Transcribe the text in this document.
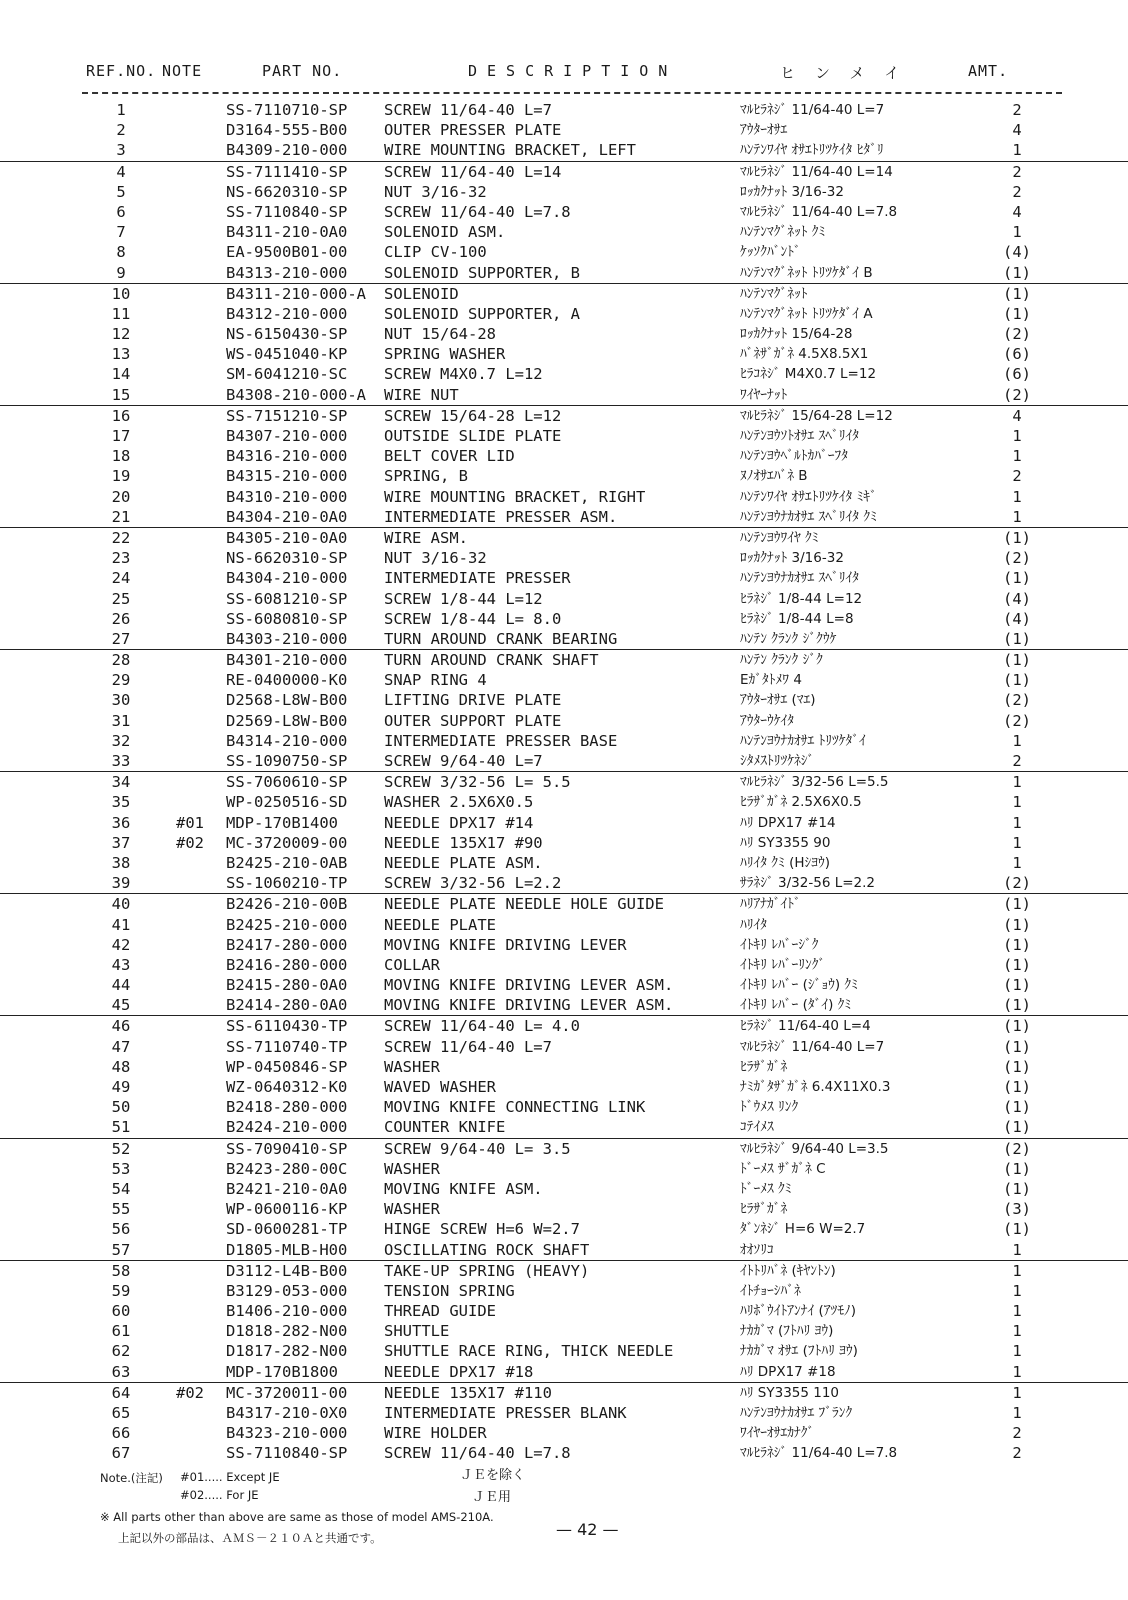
REF.NO. NOTE	PART NO.	DESCRIPTION	ヒンメイ	AMT.
1	SS-7110710-SP SCREW 11/64-40 L=7	ﾏﾙﾋﾗﾈｼﾞ 11/64-40 L=7	2
2	D3164-555-B00 OUTER PRESSER PLATE	ｱｳﾀｰｵｻｴ	4
3	B4309-210-000 WIRE MOUNTING BRACKET, LEFT	ﾊﾝﾃﾝﾜｲﾔ ｵｻｴﾄﾘﾂｹｲﾀ ﾋﾀﾞﾘ	1
4	SS-7111410-SP SCREW 11/64-40 L=14	ﾏﾙﾋﾗﾈｼﾞ 11/64-40 L=14	2
5	NS-6620310-SP NUT 3/16-32	ﾛｯｶｸﾅｯﾄ 3/16-32	2
6	SS-7110840-SP SCREW 11/64-40 L=7.8	ﾏﾙﾋﾗﾈｼﾞ 11/64-40 L=7.8	4
7	B4311-210-0A0 SOLENOID ASM.	ﾊﾝﾃﾝﾏｸﾞﾈｯﾄ ｸﾐ	1
8	EA-9500B01-00 CLIP CV-100	ｹｯｿｸﾊﾞﾝﾄﾞ	(4)
9	B4313-210-000 SOLENOID SUPPORTER, B	ﾊﾝﾃﾝﾏｸﾞﾈｯﾄ ﾄﾘﾂｹﾀﾞｲ B	(1)
10	B4311-210-000-A SOLENOID	ﾊﾝﾃﾝﾏｸﾞﾈｯﾄ	(1)
11	B4312-210-000 SOLENOID SUPPORTER, A	ﾊﾝﾃﾝﾏｸﾞﾈｯﾄ ﾄﾘﾂｹﾀﾞｲ A	(1)
12	NS-6150430-SP NUT 15/64-28	ﾛｯｶｸﾅｯﾄ 15/64-28	(2)
13	WS-0451040-KP SPRING WASHER	ﾊﾞﾈｻﾞｶﾞﾈ 4.5X8.5X1	(6)
14	SM-6041210-SC SCREW M4X0.7 L=12	ﾋﾗｺﾈｼﾞ M4X0.7 L=12	(6)
15	B4308-210-000-A WIRE NUT	ﾜｲﾔｰﾅｯﾄ	(2)
16	SS-7151210-SP SCREW 15/64-28 L=12	ﾏﾙﾋﾗﾈｼﾞ 15/64-28 L=12	4
17	B4307-210-000 OUTSIDE SLIDE PLATE	ﾊﾝﾃﾝﾖｳｿﾄｵｻｴ ｽﾍﾞﾘｲﾀ	1
18	B4316-210-000 BELT COVER LID	ﾊﾝﾃﾝﾖｳﾍﾞﾙﾄｶﾊﾞｰﾌﾀ	1
19	B4315-210-000 SPRING, B	ﾇﾉｵｻｴﾊﾞﾈ B	2
20	B4310-210-000 WIRE MOUNTING BRACKET, RIGHT	ﾊﾝﾃﾝﾜｲﾔ ｵｻｴﾄﾘﾂｹｲﾀ ﾐｷﾞ	1
21	B4304-210-0A0 INTERMEDIATE PRESSER ASM.	ﾊﾝﾃﾝﾖｳﾅｶｵｻｴ ｽﾍﾞﾘｲﾀ ｸﾐ	1
22	B4305-210-0A0 WIRE ASM.	ﾊﾝﾃﾝﾖｳﾜｲﾔ ｸﾐ	(1)
23	NS-6620310-SP NUT 3/16-32	ﾛｯｶｸﾅｯﾄ 3/16-32	(2)
24	B4304-210-000 INTERMEDIATE PRESSER	ﾊﾝﾃﾝﾖｳﾅｶｵｻｴ ｽﾍﾞﾘｲﾀ	(1)
25	SS-6081210-SP SCREW 1/8-44 L=12	ﾋﾗﾈｼﾞ 1/8-44 L=12	(4)
26	SS-6080810-SP SCREW 1/8-44 L= 8.0	ﾋﾗﾈｼﾞ 1/8-44 L=8	(4)
27	B4303-210-000 TURN AROUND CRANK BEARING	ﾊﾝﾃﾝ ｸﾗﾝｸ ｼﾞｸｳｹ	(1)
28	B4301-210-000 TURN AROUND CRANK SHAFT	ﾊﾝﾃﾝ ｸﾗﾝｸ ｼﾞｸ	(1)
29	RE-0400000-K0 SNAP RING 4	Eｶﾞﾀﾄﾒﾜ 4	(1)
30	D2568-L8W-B00 LIFTING DRIVE PLATE	ｱｳﾀｰｵｻｴ (ﾏｴ)	(2)
31	D2569-L8W-B00 OUTER SUPPORT PLATE	ｱｳﾀｰｳｹｲﾀ	(2)
32	B4314-210-000 INTERMEDIATE PRESSER BASE	ﾊﾝﾃﾝﾖｳﾅｶｵｻｴ ﾄﾘﾂｹﾀﾞｲ	1
33	SS-1090750-SP SCREW 9/64-40 L=7	ｼﾀﾒｽﾄﾘﾂｹﾈｼﾞ	2
34	SS-7060610-SP SCREW 3/32-56 L= 5.5	ﾏﾙﾋﾗﾈｼﾞ 3/32-56 L=5.5	1
35	WP-0250516-SD WASHER 2.5X6X0.5	ﾋﾗｻﾞｶﾞﾈ 2.5X6X0.5	1
36	#01 MDP-170B1400	NEEDLE DPX17 #14	ﾊﾘ DPX17 #14	1
37	#02 MC-3720009-00 NEEDLE 135X17 #90	ﾊﾘ SY3355 90	1
38	B2425-210-0AB NEEDLE PLATE ASM.	ﾊﾘｲﾀ ｸﾐ (Hｼﾖｳ)	1
39	SS-1060210-TP SCREW 3/32-56 L=2.2	ｻﾗﾈｼﾞ 3/32-56 L=2.2	(2)
40	B2426-210-00B NEEDLE PLATE NEEDLE HOLE GUIDE	ﾊﾘｱﾅｶﾞｲﾄﾞ	(1)
41	B2425-210-000 NEEDLE PLATE	ﾊﾘｲﾀ	(1)
42	B2417-280-000 MOVING KNIFE DRIVING LEVER	ｲﾄｷﾘ ﾚﾊﾞｰｼﾞｸ	(1)
43	B2416-280-000 COLLAR	ｲﾄｷﾘ ﾚﾊﾞｰﾘﾝｸﾞ	(1)
44	B2415-280-0A0 MOVING KNIFE DRIVING LEVER ASM.	ｲﾄｷﾘ ﾚﾊﾞｰ (ｼﾞｮｳ) ｸﾐ	(1)
45	B2414-280-0A0 MOVING KNIFE DRIVING LEVER ASM.	ｲﾄｷﾘ ﾚﾊﾞｰ (ﾀﾞｲ) ｸﾐ	(1)
46	SS-6110430-TP SCREW 11/64-40 L= 4.0	ﾋﾗﾈｼﾞ 11/64-40 L=4	(1)
47	SS-7110740-TP SCREW 11/64-40 L=7	ﾏﾙﾋﾗﾈｼﾞ 11/64-40 L=7	(1)
48	WP-0450846-SP WASHER	ﾋﾗｻﾞｶﾞﾈ	(1)
49	WZ-0640312-K0 WAVED WASHER	ﾅﾐｶﾞﾀｻﾞｶﾞﾈ 6.4X11X0.3	(1)
50	B2418-280-000 MOVING KNIFE CONNECTING LINK	ﾄﾞｳﾒｽ ﾘﾝｸ	(1)
51	B2424-210-000 COUNTER KNIFE	ｺﾃｲﾒｽ	(1)
52	SS-7090410-SP SCREW 9/64-40 L= 3.5	ﾏﾙﾋﾗﾈｼﾞ 9/64-40 L=3.5	(2)
53	B2423-280-00C WASHER	ﾄﾞｰﾒｽ ｻﾞｶﾞﾈ C	(1)
54	B2421-210-0A0 MOVING KNIFE ASM.	ﾄﾞｰﾒｽ ｸﾐ	(1)
55	WP-0600116-KP WASHER	ﾋﾗｻﾞｶﾞﾈ	(3)
56	SD-0600281-TP HINGE SCREW H=6 W=2.7	ﾀﾞﾝﾈｼﾞ H=6 W=2.7	(1)
57	D1805-MLB-H00 OSCILLATING ROCK SHAFT	ｵｵｿﾘｺ	1
58	D3112-L4B-B00 TAKE-UP SPRING (HEAVY)	ｲﾄﾄﾘﾊﾞﾈ (ｷﾔﾝﾄﾝ)	1
59	B3129-053-000 TENSION SPRING	ｲﾄﾁｮｰｼﾊﾞﾈ	1
60	B1406-210-000 THREAD GUIDE	ﾊﾘﾎﾞｳｲﾄｱﾝﾅｲ (ｱﾂﾓﾉ)	1
61	D1818-282-N00 SHUTTLE	ﾅｶｶﾞﾏ (ﾌﾄﾊﾘ ﾖｳ)	1
62	D1817-282-N00 SHUTTLE RACE RING, THICK NEEDLE	ﾅｶｶﾞﾏ ｵｻｴ (ﾌﾄﾊﾘ ﾖｳ)	1
63	MDP-170B1800	NEEDLE DPX17 #18	ﾊﾘ DPX17 #18	1
64	#02 MC-3720011-00 NEEDLE 135X17 #110	ﾊﾘ SY3355 110	1
65	B4317-210-0X0 INTERMEDIATE PRESSER BLANK	ﾊﾝﾃﾝﾖｳﾅｶｵｻｴ ﾌﾞﾗﾝｸ	1
66	B4323-210-000 WIRE HOLDER	ﾜｲﾔｰｵｻｴｶﾅｸﾞ	2
67	SS-7110840-SP SCREW 11/64-40 L=7.8	ﾏﾙﾋﾗﾈｼﾞ 11/64-40 L=7.8	2
Note.(注記) #01..... Except JE	ＪＥを除く
#02..... For JE	ＪＥ用
※ All parts other than above are same as those of model AMS-210A.
上記以外の部品は、ＡＭＳ－２１０Ａと共通です。	— 42 —
